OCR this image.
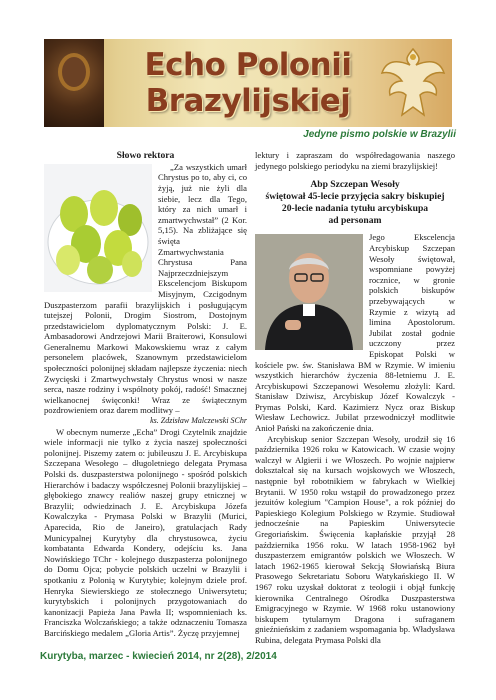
Echo Polonii
Brazylijskiej
Jedyne pismo polskie w Brazylii
Słowo rektora

„Za wszystkich umarł Chrystus po to, aby ci, co żyją, już nie żyli dla siebie, lecz dla Tego, który za nich umarł i zmartwychwstał” (2 Kor. 5,15). Na zbliżające się święta Zmartwychwstania Chrystusa Pana Najprzeczdniejszym Ekscelencjom Biskupom Misyjnym, Czcigodnym Duszpasterzom parafii brazylijskich i posługującym tutejszej Polonii, Drogim Siostrom, Dostojnym przedstawicielom dyplomatycznym Polski: J. E. Ambasadorowi Andrzejowi Marii Braiterowi, Konsulowi Generalnemu Markowi Makowskiemu wraz z całym personelem placówek, Szanownym przedstawicielom społeczności polonijnej składam najlepsze życzenia: niech Zwycięski i Zmartwychwstały Chrystus wnosi w nasze serca, nasze rodziny i wspólnoty pokój, radość! Smacznej wielkanocnej święconki! Wraz ze świątecznym pozdrowieniem oraz darem modlitwy –

ks. Zdzisław Malczewski SChr

W obecnym numerze „Echa” Drogi Czytelnik znajdzie wiele informacji nie tylko z życia naszej społeczności polonijnej. Piszemy zatem o: jubileuszu J. E. Arcybiskupa Szczepana Wesołego – długoletniego delegata Prymasa Polski ds. duszpasterstwa polonijnego - spośród polskich Hierarchów i badaczy współczesnej Polonii brazylijskiej – głębokiego znawcy realiów naszej grupy etnicznej w Brazylii; odwiedzinach J. E. Arcybiskupa Józefa Kowalczyka - Prymasa Polski w Brazylii (Murici, Aparecida, Rio de Janeiro), gratulacjach Rady Municypalnej Kurytyby dla chrystusowca, życiu kombatanta Edwarda Kondery, odejściu ks. Jana Nowińskiego TChr - kolejnego duszpasterza polonijnego do Domu Ojca; pobycie polskich uczelni w Brazylii i spotkaniu z Polonią w Kurytybie; kolejnym dziele prof. Henryka Siewierskiego ze stołecznego Uniwersytetu; kurytybskich i polonijnych przygotowaniach do kanonizacji Papieża Jana Pawła II; wspomnieniach ks. Franciszka Wolczańskiego; a także odznaczeniu Tomasza Barcińskiego medalem „Gloria Artis”. Życzę przyjemnej

lektury i zapraszam do współredagowania naszego jedynego polskiego periodyku na ziemi brazylijskiej!

Abp Szczepan Wesoły
świętował 45-lecie przyjęcia sakry biskupiej
20-lecie nadania tytułu arcybiskupa
ad personam

Jego Ekscelencja Arcybiskup Szczepan Wesoły świętował, wspomniane powyżej rocznice, w gronie polskich biskupów przebywających w Rzymie z wizytą ad limina Apostolorum. Jubilat został godnie uczczony przez Episkopat Polski w kościele pw. św. Stanisława BM w Rzymie. W imieniu wszystkich hierarchów życzenia 88-letniemu J. E. Arcybiskupowi Szczepanowi Wesołemu złożyli: Kard. Stanisław Dziwisz, Arcybiskup Józef Kowalczyk - Prymas Polski, Kard. Kazimierz Nycz oraz Biskup Wiesław Lechowicz. Jubilat przewodniczył modlitwie Anioł Pański na zakończenie dnia.

Arcybiskup senior Szczepan Wesoły, urodził się 16 października 1926 roku w Katowicach. W czasie wojny walczył w Algierii i we Włoszech. Po wojnie najpierw dokształcał się na kursach wojskowych we Włoszech, następnie był robotnikiem w fabrykach w Wielkiej Brytanii. W 1950 roku wstąpił do prowadzonego przez jezuitów kolegium "Campion House", a rok później do Papieskiego Kolegium Polskiego w Rzymie. Studiował jednocześnie na Papieskim Uniwersytecie Gregoriańskim. Święcenia kapłańskie przyjął 28 października 1956 roku. W latach 1958-1962 był duszpasterzem emigrantów polskich we Włoszech. W latach 1962-1965 kierował Sekcją Słowiańską Biura Prasowego Sekretariatu Soboru Watykańskiego II. W 1967 roku uzyskał doktorat z teologii i objął funkcję kierownika Centralnego Ośrodka Duszpasterstwa Emigracyjnego w Rzymie. W 1968 roku ustanowiony biskupem tytularnym Dragona i sufraganem gnieźnieńskim z zadaniem wspomagania bp. Władysława Rubina, delegata Prymasa Polski dla

Kurytyba, marzec - kwiecień 2014, nr 2(28), 2/2014
